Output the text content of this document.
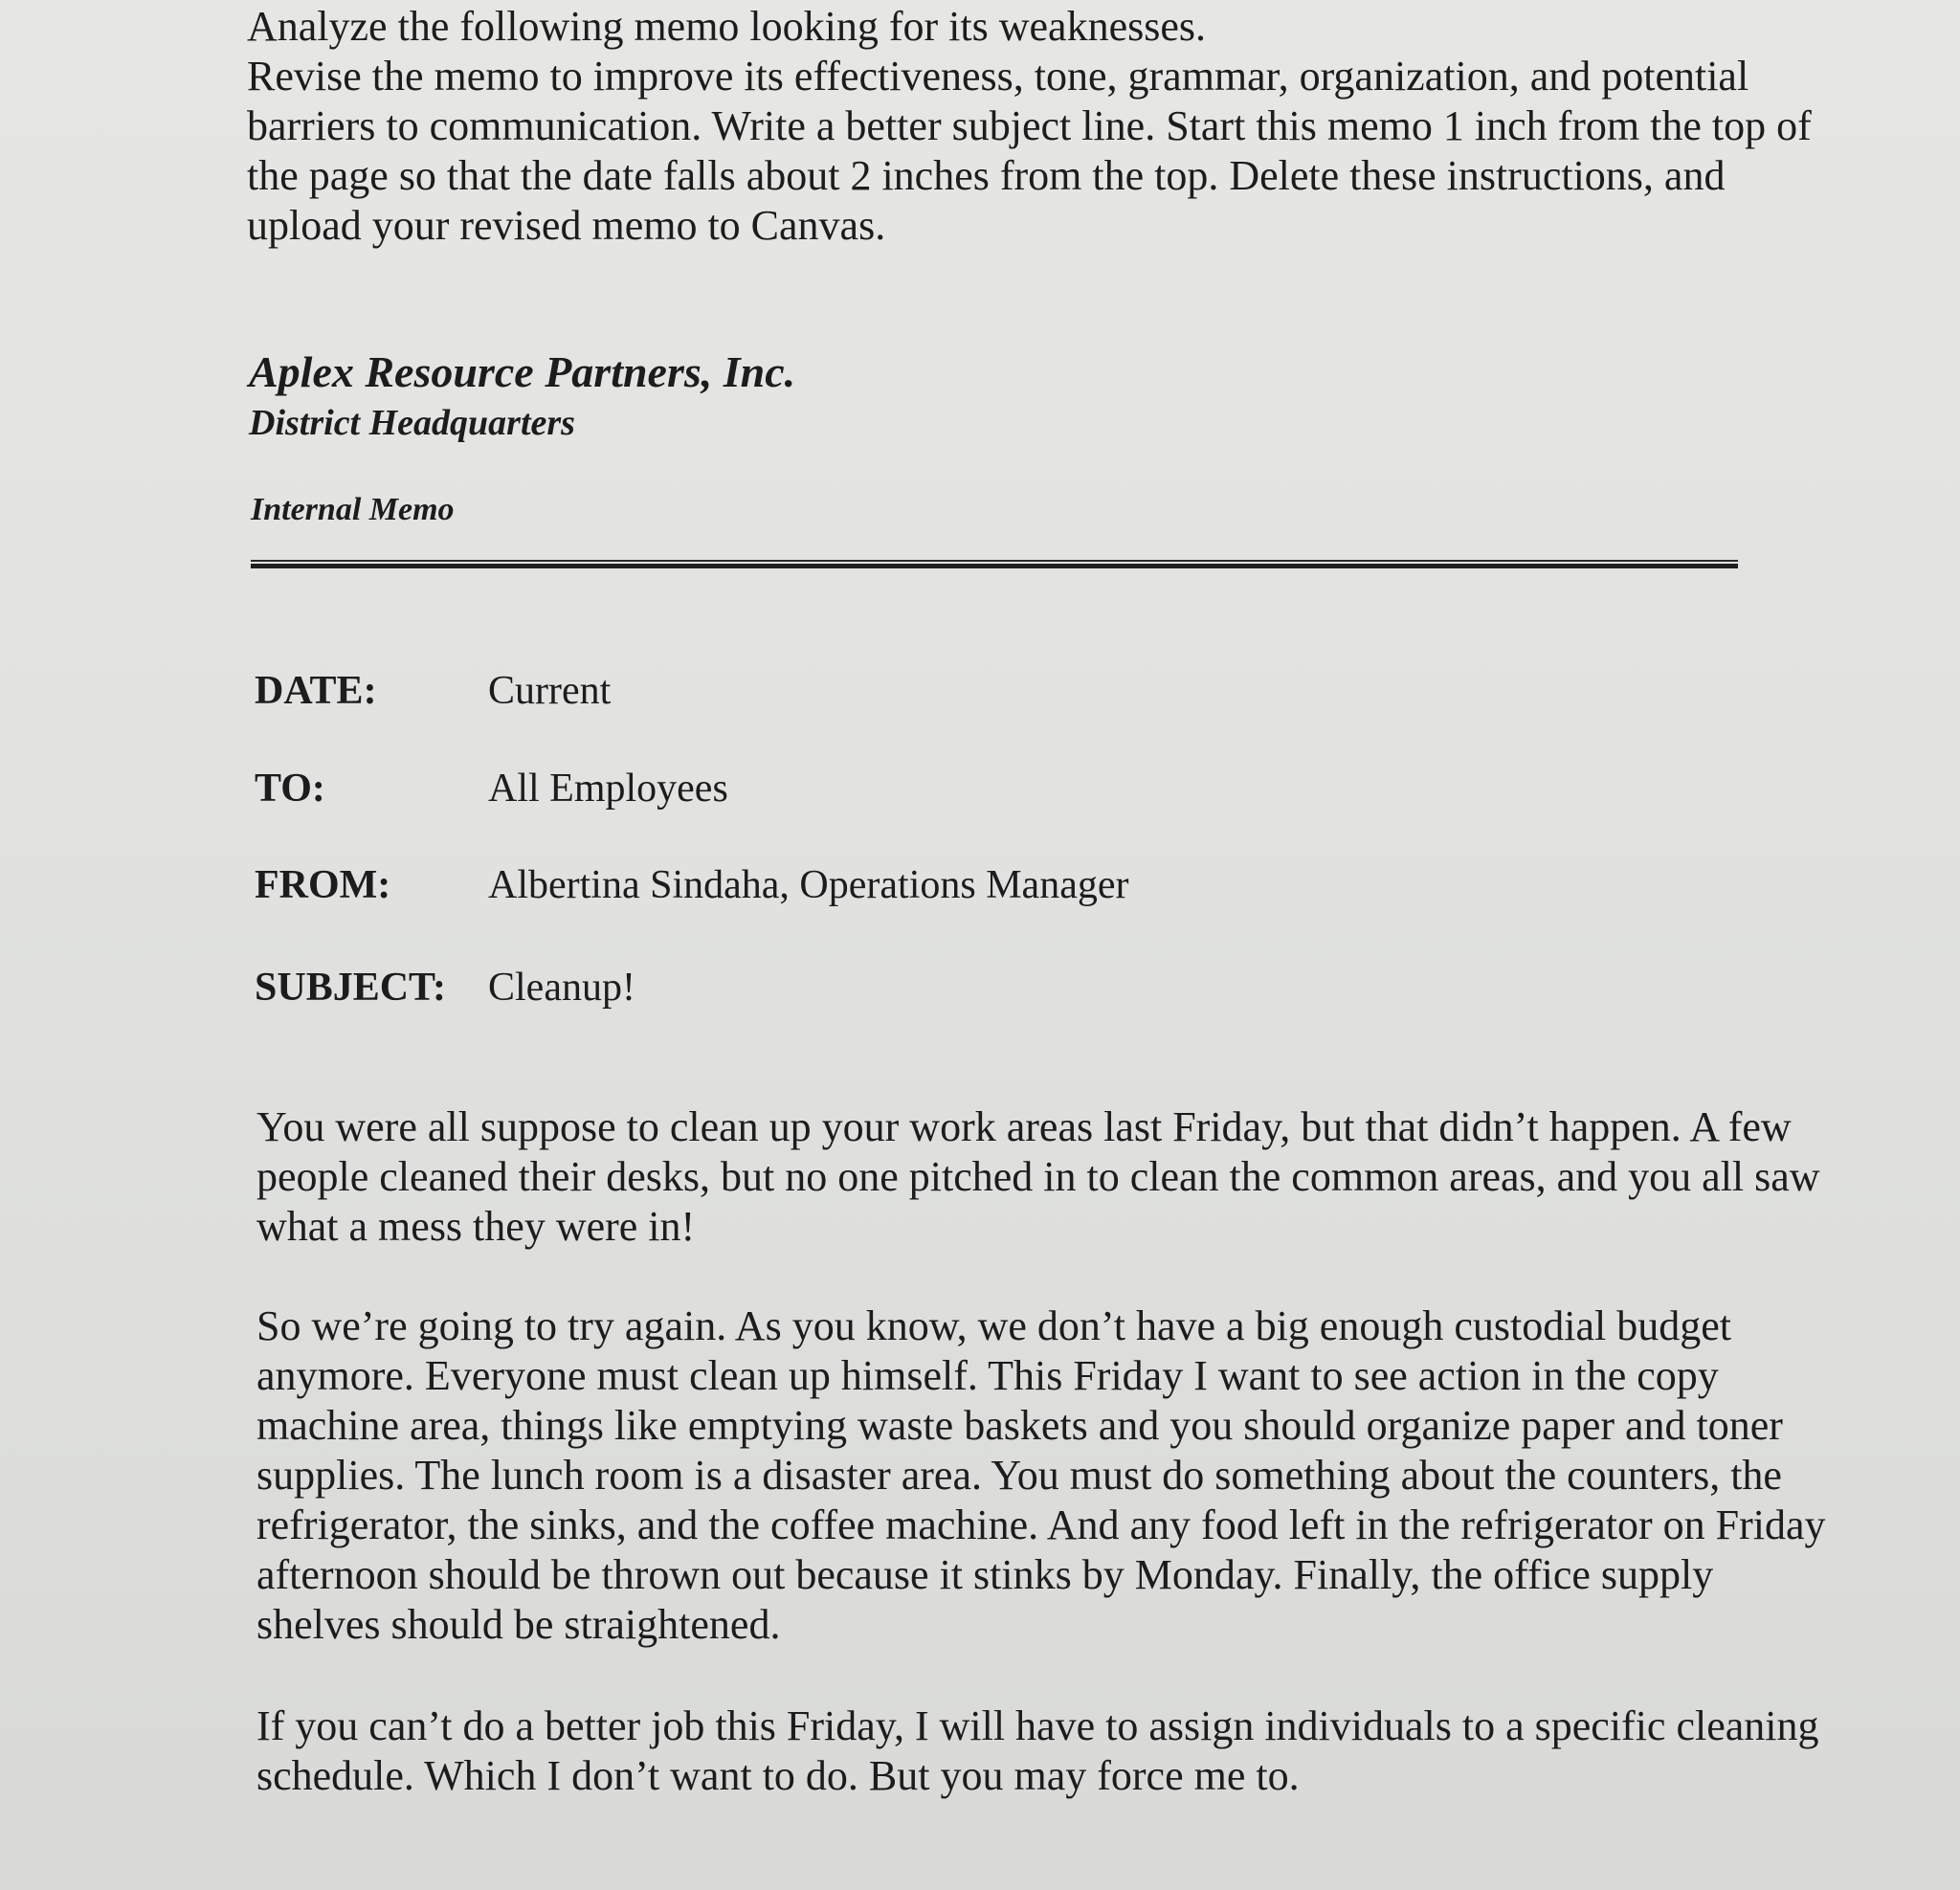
Analyze the following memo looking for its weaknesses.

Revise the memo to improve its effectiveness, tone, grammar, organization, and potential barriers to communication. Write a better subject line. Start this memo 1 inch from the top of the page so that the date falls about 2 inches from the top. Delete these instructions, and upload your revised memo to Canvas.

Aplex Resource Partners, Inc.
District Headquarters
Internal Memo
DATE:	Current
TO:	All Employees
FROM: Albertina Sindaha, Operations Manager
SUBJECT: Cleanup!

You were all suppose to clean up your work areas last Friday, but that didn’t happen. A few people cleaned their desks, but no one pitched in to clean the common areas, and you all saw what a mess they were in!

So we’re going to try again. As you know, we don’t have a big enough custodial budget anymore. Everyone must clean up himself. This Friday I want to see action in the copy machine area, things like emptying waste baskets and you should organize paper and toner supplies. The lunch room is a disaster area. You must do something about the counters, the refrigerator, the sinks, and the coffee machine. And any food left in the refrigerator on Friday afternoon should be thrown out because it stinks by Monday. Finally, the office supply shelves should be straightened.

If you can’t do a better job this Friday, I will have to assign individuals to a specific cleaning schedule. Which I don’t want to do. But you may force me to.
